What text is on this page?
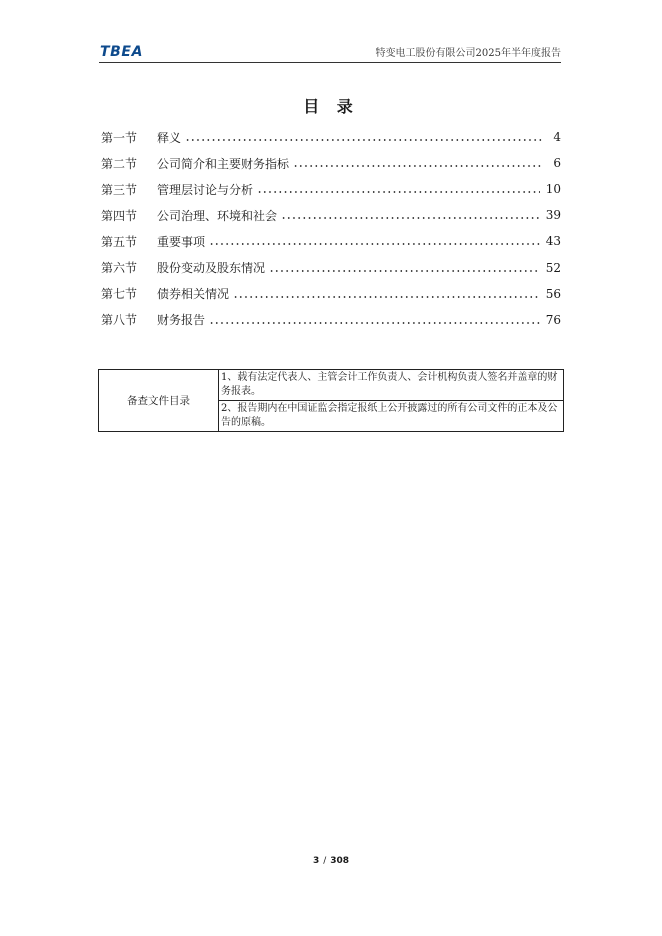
TBEA	特变电工股份有限公司2025年半年度报告
目 录
第一节	释义	4
第二节	公司简介和主要财务指标	6
第三节	管理层讨论与分析	10
第四节	公司治理、环境和社会	39
第五节	重要事项	43
第六节	股份变动及股东情况	52
第七节	债券相关情况	56
第八节	财务报告	76
备查文件目录	1、载有法定代表人、主管会计工作负责人、会计机构负责人签名并盖章的财务报表。
2、报告期内在中国证监会指定报纸上公开披露过的所有公司文件的正本及公告的原稿。
3 / 308
